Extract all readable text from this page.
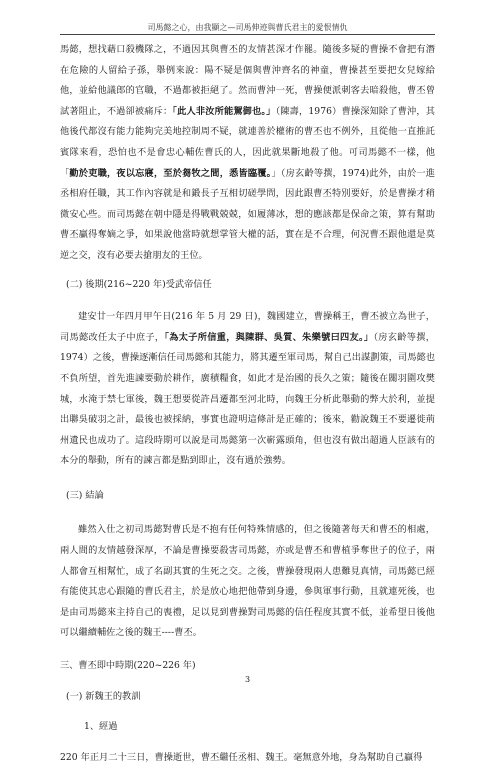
司馬懿之心，由我顯之—司馬伸迹與曹氏君主的愛恨情仇

馬懿，想找藉口殺機隊之，不過因其與曹丕的友情甚深才作罷。隨後多疑的曹操不會把有潛在危險的人留給子孫，舉例來說：陽不疑是個與曹沖齊名的神童，曹操甚至要把女兒嫁給他，並給他議郎的官職，不過都被拒絕了。然而曹沖一死，曹操便派刺客去暗殺他，曹丕曾試著阻止，不過卻被痛斥：「此人非汝所能駕御也。」（陳壽，1976）曹操深知除了曹沖，其他後代都沒有能力能夠完美地控制周不疑，就連善於權術的曹丕也不例外，且從他一直推託賓隊來看，恐怕也不是會忠心輔佐曹氏的人，因此就果斷地殺了他。可司馬懿不一樣，他「勤於吏職，夜以忘寢，至於芻牧之間，悉皆臨覆。」（房玄齡等撰，1974)此外，由於一進丞相府任職，其工作內容就是和鍛長子互相切磋學問，因此跟曹丕特別要好，於是曹操才稍微安心些。而司馬懿在朝中隱是得戰戰兢兢，如履薄冰，想的應該都是保命之策，算有幫助曹丕贏得奪嫡之爭，如果說他當時就想掌管大權的話，實在是不合理，何況曹丕跟他還是莫逆之交，沒有必要去搶朋友的王位。

(二) 後期(216~220 年)受武帝信任

建安廿一年四月甲午日(216 年 5 月 29 日)，魏國建立，曹操稱王，曹丕被立為世子，司馬懿改任太子中庶子，「為太子所信重，與陳群、吳質、朱樂號曰四友。」（房玄齡等撰，1974）之後，曹操逐漸信任司馬懿和其能力，將其遷至軍司馬，幫自己出謀劃策，司馬懿也不負所望，首先進諫要動於耕作，廣積糧食，如此才是治國的長久之策；隨後在關羽圍攻樊城，水淹于禁七軍後，魏王想要從許昌遷都至河北時，向魏王分析此舉動的弊大於利，並提出聯吳破羽之計，最後也被採納，事實也證明這條計是正確的；後來，勸說魏王不要遷徙荊州遺民也成功了。這段時期可以說是司馬懿第一次嶄露頭角，但也沒有做出超過人臣該有的本分的舉動，所有的諫言都是點到即止，沒有過於強勢。

(三) 結論

雖然入仕之初司馬懿對曹氏是不抱有任何特殊情感的，但之後隨著每天和曹丕的相處，兩人間的友情越發深厚，不論是曹操要殺害司馬懿，亦或是曹丕和曹植爭奪世子的位子，兩人都會互相幫忙，成了名副其實的生死之交。之後，曹操發現兩人患難見真情，司馬懿已經有能使其忠心跟隨的曹氏君主，於是放心地把他帶到身邊，參與軍事行動，且就連死後，也是由司馬懿來主持自己的喪禮，足以見到曹操對司馬懿的信任程度其實不低，並希望日後他可以繼續輔佐之後的魏王----曹丕。

三、曹丕即中時期(220~226 年)
(一) 新魏王的教訓
1、經過

220 年正月二十三日，曹操逝世，曹丕繼任丞相、魏王。毫無意外地，身為幫助自己贏得

3
